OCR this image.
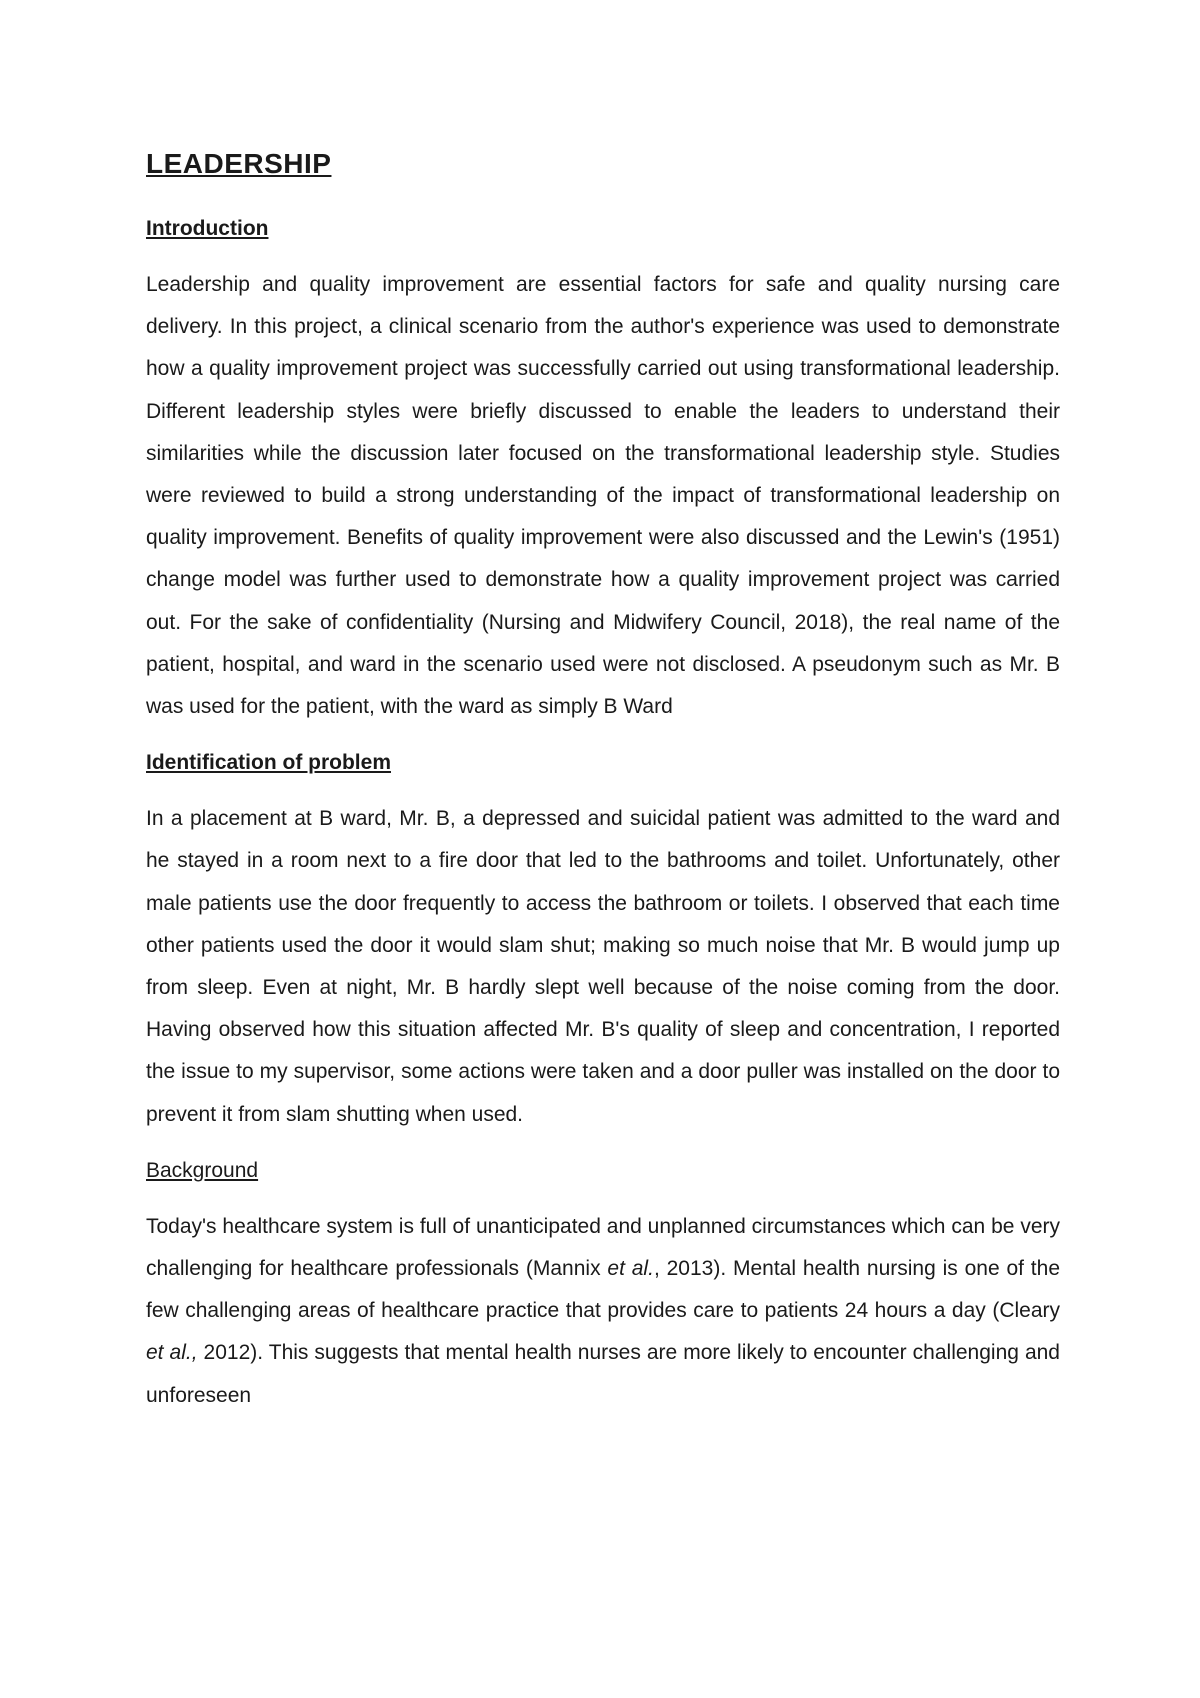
LEADERSHIP
Introduction

Leadership and quality improvement are essential factors for safe and quality nursing care delivery. In this project, a clinical scenario from the author's experience was used to demonstrate how a quality improvement project was successfully carried out using transformational leadership. Different leadership styles were briefly discussed to enable the leaders to understand their similarities while the discussion later focused on the transformational leadership style. Studies were reviewed to build a strong understanding of the impact of transformational leadership on quality improvement. Benefits of quality improvement were also discussed and the Lewin's (1951) change model was further used to demonstrate how a quality improvement project was carried out. For the sake of confidentiality (Nursing and Midwifery Council, 2018), the real name of the patient, hospital, and ward in the scenario used were not disclosed. A pseudonym such as Mr. B was used for the patient, with the ward as simply B Ward

Identification of problem

In a placement at B ward, Mr. B, a depressed and suicidal patient was admitted to the ward and he stayed in a room next to a fire door that led to the bathrooms and toilet. Unfortunately, other male patients use the door frequently to access the bathroom or toilets. I observed that each time other patients used the door it would slam shut; making so much noise that Mr. B would jump up from sleep. Even at night, Mr. B hardly slept well because of the noise coming from the door. Having observed how this situation affected Mr. B's quality of sleep and concentration, I reported the issue to my supervisor, some actions were taken and a door puller was installed on the door to prevent it from slam shutting when used.

Background

Today's healthcare system is full of unanticipated and unplanned circumstances which can be very challenging for healthcare professionals (Mannix et al., 2013). Mental health nursing is one of the few challenging areas of healthcare practice that provides care to patients 24 hours a day (Cleary et al., 2012). This suggests that mental health nurses are more likely to encounter challenging and unforeseen
